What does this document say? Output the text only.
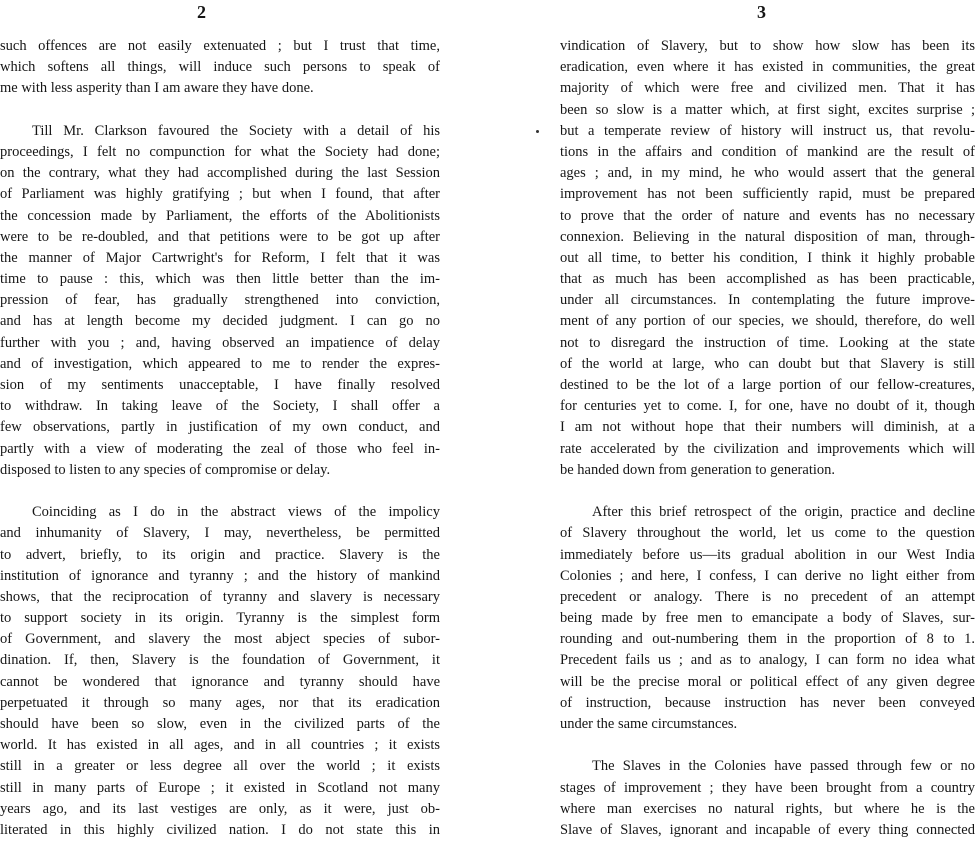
2
such offences are not easily extenuated ; but I trust that time,
which softens all things, will induce such persons to speak of
me with less asperity than I am aware they have done.
Till Mr. Clarkson favoured the Society with a detail of his
proceedings, I felt no compunction for what the Society had done;
on the contrary, what they had accomplished during the last Session
of Parliament was highly gratifying ; but when I found, that after
the concession made by Parliament, the efforts of the Abolitionists
were to be re-doubled, and that petitions were to be got up after
the manner of Major Cartwright's for Reform, I felt that it was
time to pause : this, which was then little better than the im-
pression of fear, has gradually strengthened into conviction,
and has at length become my decided judgment. I can go no
further with you ; and, having observed an impatience of delay
and of investigation, which appeared to me to render the expres-
sion of my sentiments unacceptable, I have finally resolved
to withdraw. In taking leave of the Society, I shall offer a
few observations, partly in justification of my own conduct, and
partly with a view of moderating the zeal of those who feel in-
disposed to listen to any species of compromise or delay.
Coinciding as I do in the abstract views of the impolicy
and inhumanity of Slavery, I may, nevertheless, be permitted
to advert, briefly, to its origin and practice. Slavery is the
institution of ignorance and tyranny ; and the history of mankind
shows, that the reciprocation of tyranny and slavery is necessary
to support society in its origin. Tyranny is the simplest form
of Government, and slavery the most abject species of subor-
dination. If, then, Slavery is the foundation of Government, it
cannot be wondered that ignorance and tyranny should have
perpetuated it through so many ages, nor that its eradication
should have been so slow, even in the civilized parts of the
world. It has existed in all ages, and in all countries ; it exists
still in a greater or less degree all over the world ; it exists
still in many parts of Europe ; it existed in Scotland not many
years ago, and its last vestiges are only, as it were, just ob-
literated in this highly civilized nation. I do not state this in
3
vindication of Slavery, but to show how slow has been its
eradication, even where it has existed in communities, the great
majority of which were free and civilized men. That it has
been so slow is a matter which, at first sight, excites surprise ;
but a temperate review of history will instruct us, that revolu-
tions in the affairs and condition of mankind are the result of
ages ; and, in my mind, he who would assert that the general
improvement has not been sufficiently rapid, must be prepared
to prove that the order of nature and events has no necessary
connexion. Believing in the natural disposition of man, through-
out all time, to better his condition, I think it highly probable
that as much has been accomplished as has been practicable,
under all circumstances. In contemplating the future improve-
ment of any portion of our species, we should, therefore, do well
not to disregard the instruction of time. Looking at the state
of the world at large, who can doubt but that Slavery is still
destined to be the lot of a large portion of our fellow-creatures,
for centuries yet to come. I, for one, have no doubt of it, though
I am not without hope that their numbers will diminish, at a
rate accelerated by the civilization and improvements which will
be handed down from generation to generation.
After this brief retrospect of the origin, practice and decline
of Slavery throughout the world, let us come to the question
immediately before us—its gradual abolition in our West India
Colonies ; and here, I confess, I can derive no light either from
precedent or analogy. There is no precedent of an attempt
being made by free men to emancipate a body of Slaves, sur-
rounding and out-numbering them in the proportion of 8 to 1.
Precedent fails us ; and as to analogy, I can form no idea what
will be the precise moral or political effect of any given degree
of instruction, because instruction has never been conveyed
under the same circumstances.
The Slaves in the Colonies have passed through few or no
stages of improvement ; they have been brought from a country
where man exercises no natural rights, but where he is the
Slave of Slaves, ignorant and incapable of every thing connected
